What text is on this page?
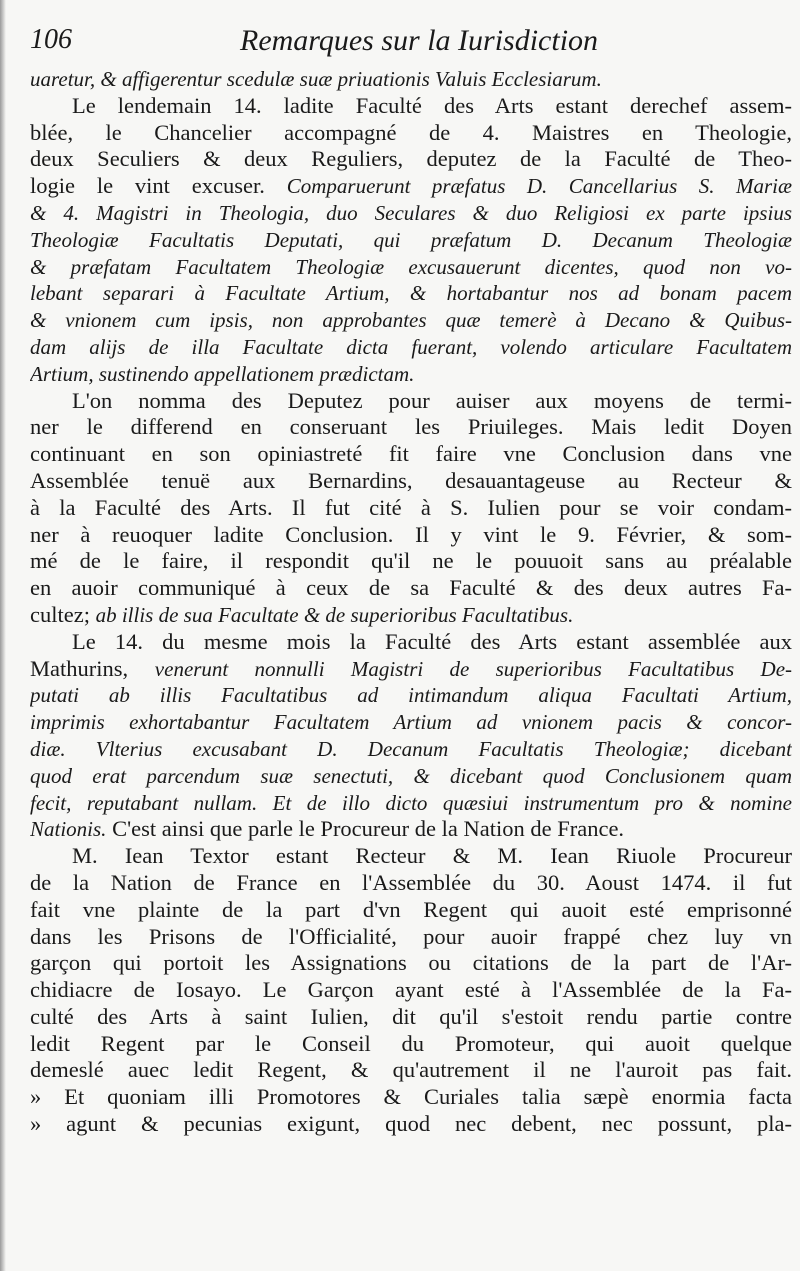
106	Remarques sur la Iurisdiction
uaretur, & affigerentur scedulæ suæ priuationis Valuis Ecclesiarum.
Le lendemain 14. ladite Faculté des Arts estant derechef assem-
blée, le Chancelier accompagné de 4. Maistres en Theologie,
deux Seculiers & deux Reguliers, deputez de la Faculté de Theo-
logie le vint excuser. Comparuerunt præfatus D. Cancellarius S. Mariæ
& 4. Magistri in Theologia, duo Seculares & duo Religiosi ex parte ipsius
Theologiæ Facultatis Deputati, qui præfatum D. Decanum Theologiæ
& præfatam Facultatem Theologiæ excusauerunt dicentes, quod non vo-
lebant separari à Facultate Artium, & hortabantur nos ad bonam pacem
& vnionem cum ipsis, non approbantes quæ temerè à Decano & Quibus-
dam alijs de illa Facultate dicta fuerant, volendo articulare Facultatem
Artium, sustinendo appellationem prædictam.
L'on nomma des Deputez pour auiser aux moyens de termi-
ner le differend en conseruant les Priuileges. Mais ledit Doyen
continuant en son opiniastreté fit faire vne Conclusion dans vne
Assemblée tenuë aux Bernardins, desauantageuse au Recteur &
à la Faculté des Arts. Il fut cité à S. Iulien pour se voir condam-
ner à reuoquer ladite Conclusion. Il y vint le 9. Février, & som-
mé de le faire, il respondit qu'il ne le pouuoit sans au préalable
en auoir communiqué à ceux de sa Faculté & des deux autres Fa-
cultez; ab illis de sua Facultate & de superioribus Facultatibus.
Le 14. du mesme mois la Faculté des Arts estant assemblée aux
Mathurins, venerunt nonnulli Magistri de superioribus Facultatibus De-
putati ab illis Facultatibus ad intimandum aliqua Facultati Artium,
imprimis exhortabantur Facultatem Artium ad vnionem pacis & concor-
diæ. Vlterius excusabant D. Decanum Facultatis Theologiæ; dicebant
quod erat parcendum suæ senectuti, & dicebant quod Conclusionem quam
fecit, reputabant nullam. Et de illo dicto quæsiui instrumentum pro & nomine
Nationis. C'est ainsi que parle le Procureur de la Nation de France.
M. Iean Textor estant Recteur & M. Iean Riuole Procureur
de la Nation de France en l'Assemblée du 30. Aoust 1474. il fut
fait vne plainte de la part d'vn Regent qui auoit esté emprisonné
dans les Prisons de l'Officialité, pour auoir frappé chez luy vn
garçon qui portoit les Assignations ou citations de la part de l'Ar-
chidiacre de Iosayo. Le Garçon ayant esté à l'Assemblée de la Fa-
culté des Arts à saint Iulien, dit qu'il s'estoit rendu partie contre
ledit Regent par le Conseil du Promoteur, qui auoit quelque
demeslé auec ledit Regent, & qu'autrement il ne l'auroit pas fait.
» Et quoniam illi Promotores & Curiales talia sæpè enormia facta
» agunt & pecunias exigunt, quod nec debent, nec possunt, pla-
